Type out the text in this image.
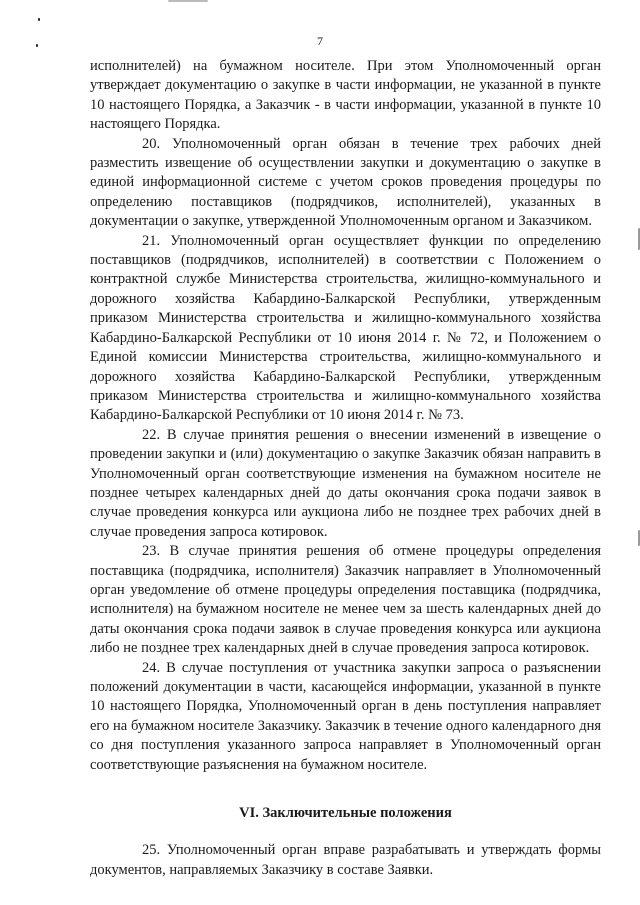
7

исполнителей) на бумажном носителе. При этом Уполномоченный орган утверждает документацию о закупке в части информации, не указанной в пункте 10 настоящего Порядка, а Заказчик - в части информации, указанной в пункте 10 настоящего Порядка.

20. Уполномоченный орган обязан в течение трех рабочих дней разместить извещение об осуществлении закупки и документацию о закупке в единой информационной системе с учетом сроков проведения процедуры по определению поставщиков (подрядчиков, исполнителей), указанных в документации о закупке, утвержденной Уполномоченным органом и Заказчиком.

21. Уполномоченный орган осуществляет функции по определению поставщиков (подрядчиков, исполнителей) в соответствии с Положением о контрактной службе Министерства строительства, жилищно-коммунального и дорожного хозяйства Кабардино-Балкарской Республики, утвержденным приказом Министерства строительства и жилищно-коммунального хозяйства Кабардино-Балкарской Республики от 10 июня 2014 г. № 72, и Положением о Единой комиссии Министерства строительства, жилищно-коммунального и дорожного хозяйства Кабардино-Балкарской Республики, утвержденным приказом Министерства строительства и жилищно-коммунального хозяйства Кабардино-Балкарской Республики от 10 июня 2014 г. № 73.

22. В случае принятия решения о внесении изменений в извещение о проведении закупки и (или) документацию о закупке Заказчик обязан направить в Уполномоченный орган соответствующие изменения на бумажном носителе не позднее четырех календарных дней до даты окончания срока подачи заявок в случае проведения конкурса или аукциона либо не позднее трех рабочих дней в случае проведения запроса котировок.

23. В случае принятия решения об отмене процедуры определения поставщика (подрядчика, исполнителя) Заказчик направляет в Уполномоченный орган уведомление об отмене процедуры определения поставщика (подрядчика, исполнителя) на бумажном носителе не менее чем за шесть календарных дней до даты окончания срока подачи заявок в случае проведения конкурса или аукциона либо не позднее трех календарных дней в случае проведения запроса котировок.

24. В случае поступления от участника закупки запроса о разъяснении положений документации в части, касающейся информации, указанной в пункте 10 настоящего Порядка, Уполномоченный орган в день поступления направляет его на бумажном носителе Заказчику. Заказчик в течение одного календарного дня со дня поступления указанного запроса направляет в Уполномоченный орган соответствующие разъяснения на бумажном носителе.

VI. Заключительные положения

25. Уполномоченный орган вправе разрабатывать и утверждать формы документов, направляемых Заказчику в составе Заявки.
